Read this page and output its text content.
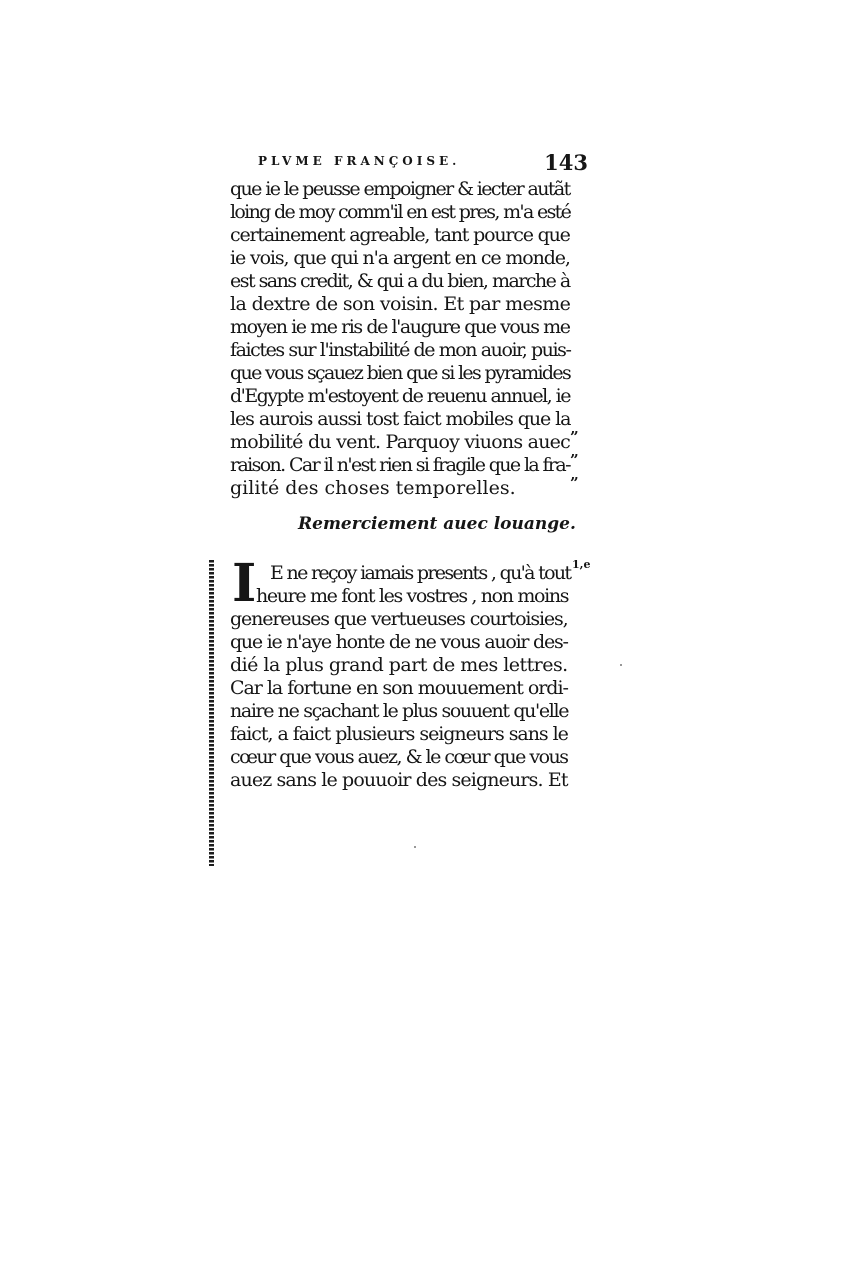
PLVME FRANÇOISE.	143
que ie le peusse empoigner & iecter autãt
loing de moy comm'il en est pres, m'a esté
certainement agreable, tant pource que
ie vois, que qui n'a argent en ce monde,
est sans credit, & qui a du bien, marche à
la dextre de son voisin. Et par mesme
moyen ie me ris de l'augure que vous me
faictes sur l'instabilité de mon auoir, puis-
que vous sçauez bien que si les pyramides
d'Egypte m'estoyent de reuenu annuel, ie
les aurois aussi tost faict mobiles que la
mobilité du vent. Parquoy viuons auec
raison. Car il n'est rien si fragile que la fra-
gilité des choses temporelles.
”
”
”
Remerciement auec louange.
I E ne reçoy iamais presents , qu'à tout
heure me font les vostres , non moins
genereuses que vertueuses courtoisies,
que ie n'aye honte de ne vous auoir des-
dié la plus grand part de mes lettres.
Car la fortune en son mouuement ordi-
naire ne sçachant le plus souuent qu'elle
faict, a faict plusieurs seigneurs sans le
cœur que vous auez, & le cœur que vous
auez sans le pouuoir des seigneurs. Et
1,e
